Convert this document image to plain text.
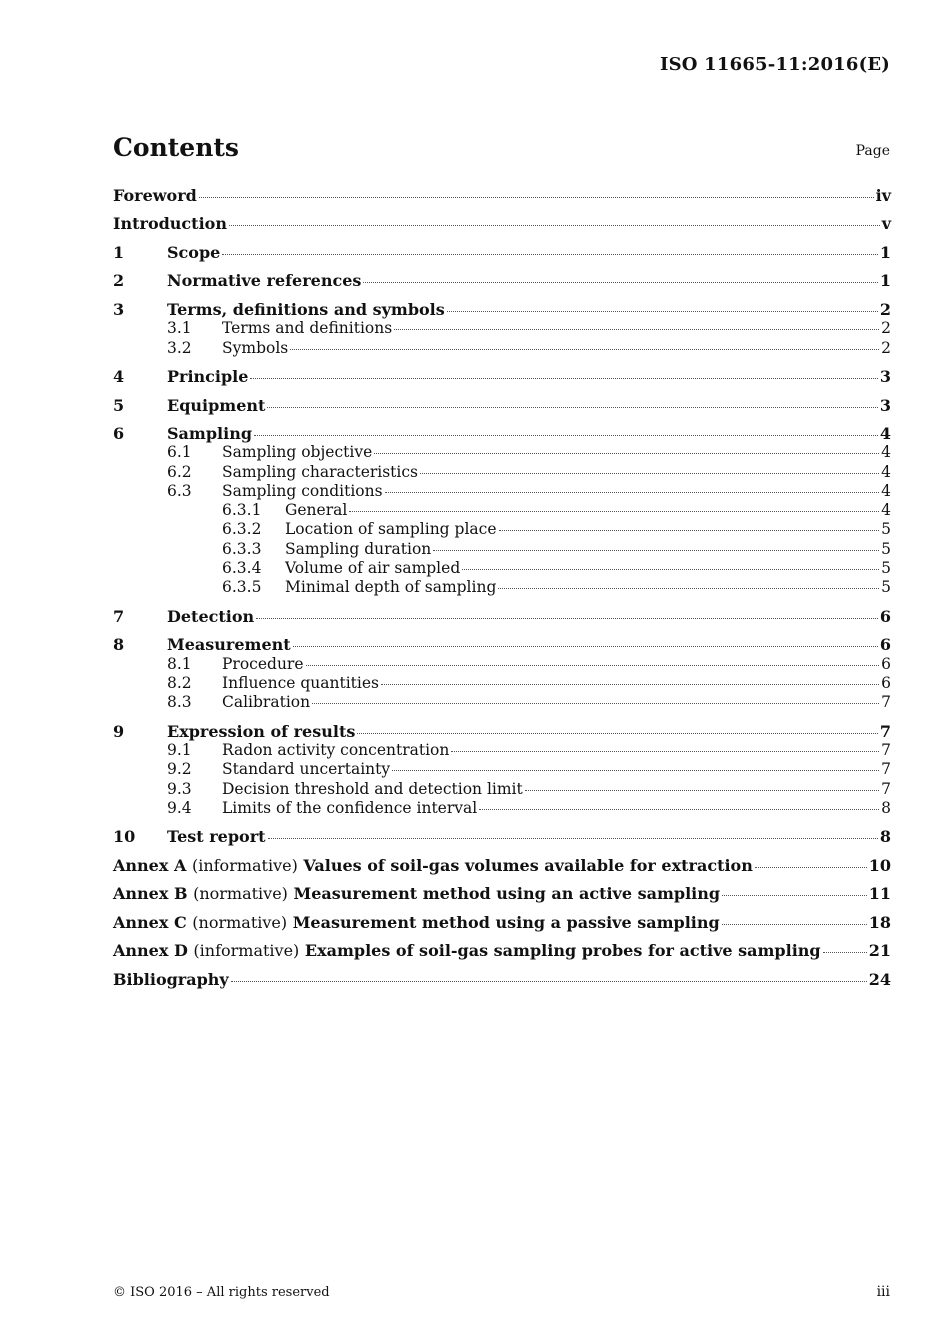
ISO 11665-11:2016(E)
Contents	Page
Foreword	iv
Introduction	v
1	Scope	1
2	Normative references	1
3	Terms, definitions and symbols	2
3.1	Terms and definitions	2
3.2	Symbols	2
4	Principle	3
5	Equipment	3
6	Sampling	4
6.1	Sampling objective	4
6.2	Sampling characteristics	4
6.3	Sampling conditions	4
6.3.1	General	4
6.3.2	Location of sampling place	5
6.3.3	Sampling duration	5
6.3.4	Volume of air sampled	5
6.3.5	Minimal depth of sampling	5
7	Detection	6
8	Measurement	6
8.1	Procedure	6
8.2	Influence quantities	6
8.3	Calibration	7
9	Expression of results	7
9.1	Radon activity concentration	7
9.2	Standard uncertainty	7
9.3	Decision threshold and detection limit	7
9.4	Limits of the confidence interval	8
10	Test report	8
Annex A (informative) Values of soil-gas volumes available for extraction	10
Annex B (normative) Measurement method using an active sampling	11
Annex C (normative) Measurement method using a passive sampling	18
Annex D (informative) Examples of soil-gas sampling probes for active sampling	21
Bibliography	24
© ISO 2016 – All rights reserved	iii
